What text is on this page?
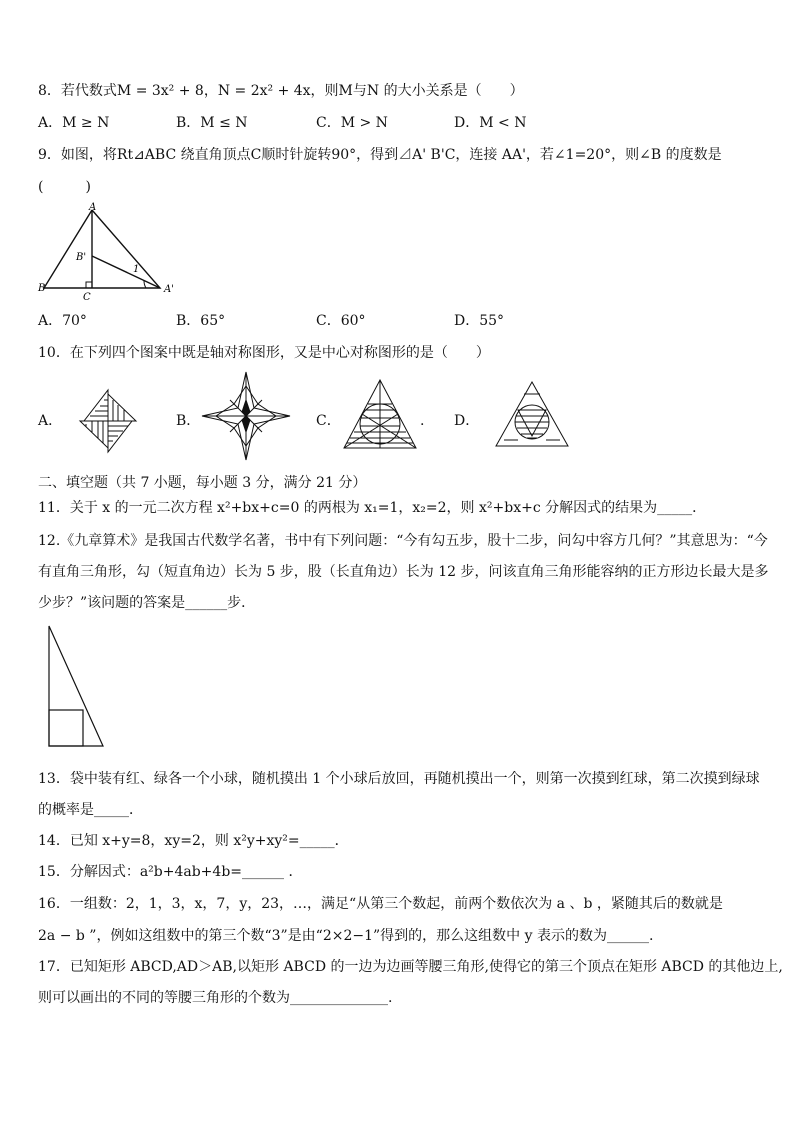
8．若代数式M = 3x² + 8，N = 2x² + 4x，则M与N 的大小关系是（　　）
A．M ≥ N	B．M ≤ N	C．M > N	D．M < N
9．如图，将Rt⊿ABC 绕直角顶点C顺时针旋转90°，得到⊿A' B'C，连接 AA'，若∠1=20°，则∠B 的度数是
(　　　)
A
B'
1
B
C
A'
A．70°	B．65°	C．60°	D．55°
10．在下列四个图案中既是轴对称图形，又是中心对称图形的是（　　）
A．	B．	C．	. D．
二、填空题（共 7 小题，每小题 3 分，满分 21 分）
11．关于 x 的一元二次方程 x²+bx+c=0 的两根为 x₁=1，x₂=2，则 x²+bx+c 分解因式的结果为_____．
12.《九章算术》是我国古代数学名著，书中有下列问题：“今有勾五步，股十二步，问勾中容方几何？”其意思为：“今
有直角三角形，勾（短直角边）长为 5 步，股（长直角边）长为 12 步，问该直角三角形能容纳的正方形边长最大是多
少步？”该问题的答案是______步．
13．袋中装有红、绿各一个小球，随机摸出 1 个小球后放回，再随机摸出一个，则第一次摸到红球，第二次摸到绿球
的概率是_____．
14．已知 x+y=8，xy=2，则 x²y+xy²=_____．
15．分解因式：a²b+4ab+4b=______ ．
16．一组数：2，1，3，x，7，y，23，…，满足“从第三个数起，前两个数依次为 a 、b ，紧随其后的数就是
2a − b ”，例如这组数中的第三个数“3”是由“2×2−1”得到的，那么这组数中 y 表示的数为______.
17．已知矩形 ABCD,AD＞AB,以矩形 ABCD 的一边为边画等腰三角形,使得它的第三个顶点在矩形 ABCD 的其他边上,
则可以画出的不同的等腰三角形的个数为______________.
